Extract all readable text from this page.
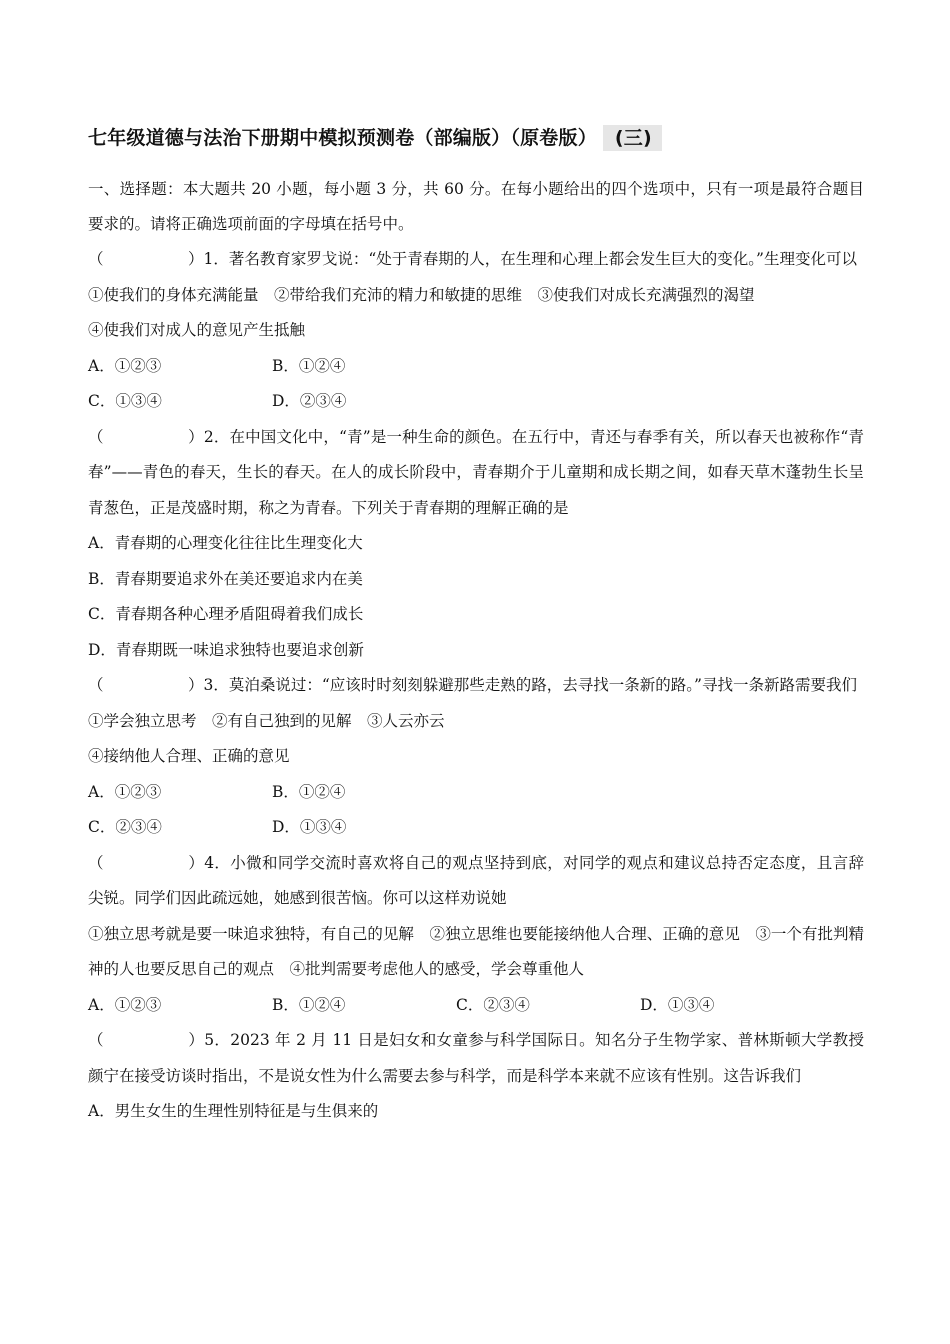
七年级道德与法治下册期中模拟预测卷（部编版）（原卷版） (三)
一、选择题：本大题共 20 小题，每小题 3 分，共 60 分。在每小题给出的四个选项中，只有一项是最符合题目要求的。请将正确选项前面的字母填在括号中。
（	）1．著名教育家罗戈说：“处于青春期的人，在生理和心理上都会发生巨大的变化。”生理变化可以
①使我们的身体充满能量　②带给我们充沛的精力和敏捷的思维　③使我们对成长充满强烈的渴望
④使我们对成人的意见产生抵触
A．①②③	B．①②④
C．①③④	D．②③④
（	）2．在中国文化中，“青”是一种生命的颜色。在五行中，青还与春季有关，所以春天也被称作“青春”——青色的春天，生长的春天。在人的成长阶段中，青春期介于儿童期和成长期之间，如春天草木蓬勃生长呈青葱色，正是茂盛时期，称之为青春。下列关于青春期的理解正确的是
A．青春期的心理变化往往比生理变化大
B．青春期要追求外在美还要追求内在美
C．青春期各种心理矛盾阻碍着我们成长
D．青春期既一味追求独特也要追求创新
（	）3．莫泊桑说过：“应该时时刻刻躲避那些走熟的路，去寻找一条新的路。”寻找一条新路需要我们
①学会独立思考　②有自己独到的见解　③人云亦云
④接纳他人合理、正确的意见
A．①②③	B．①②④
C．②③④	D．①③④
（	）4．小微和同学交流时喜欢将自己的观点坚持到底，对同学的观点和建议总持否定态度，且言辞尖锐。同学们因此疏远她，她感到很苦恼。你可以这样劝说她
①独立思考就是要一味追求独特，有自己的见解　②独立思维也要能接纳他人合理、正确的意见　③一个有批判精神的人也要反思自己的观点　④批判需要考虑他人的感受，学会尊重他人
A．①②③	B．①②④	C．②③④	D．①③④
（	）5．2023 年 2 月 11 日是妇女和女童参与科学国际日。知名分子生物学家、普林斯顿大学教授颜宁在接受访谈时指出，不是说女性为什么需要去参与科学，而是科学本来就不应该有性别。这告诉我们
A．男生女生的生理性别特征是与生俱来的
